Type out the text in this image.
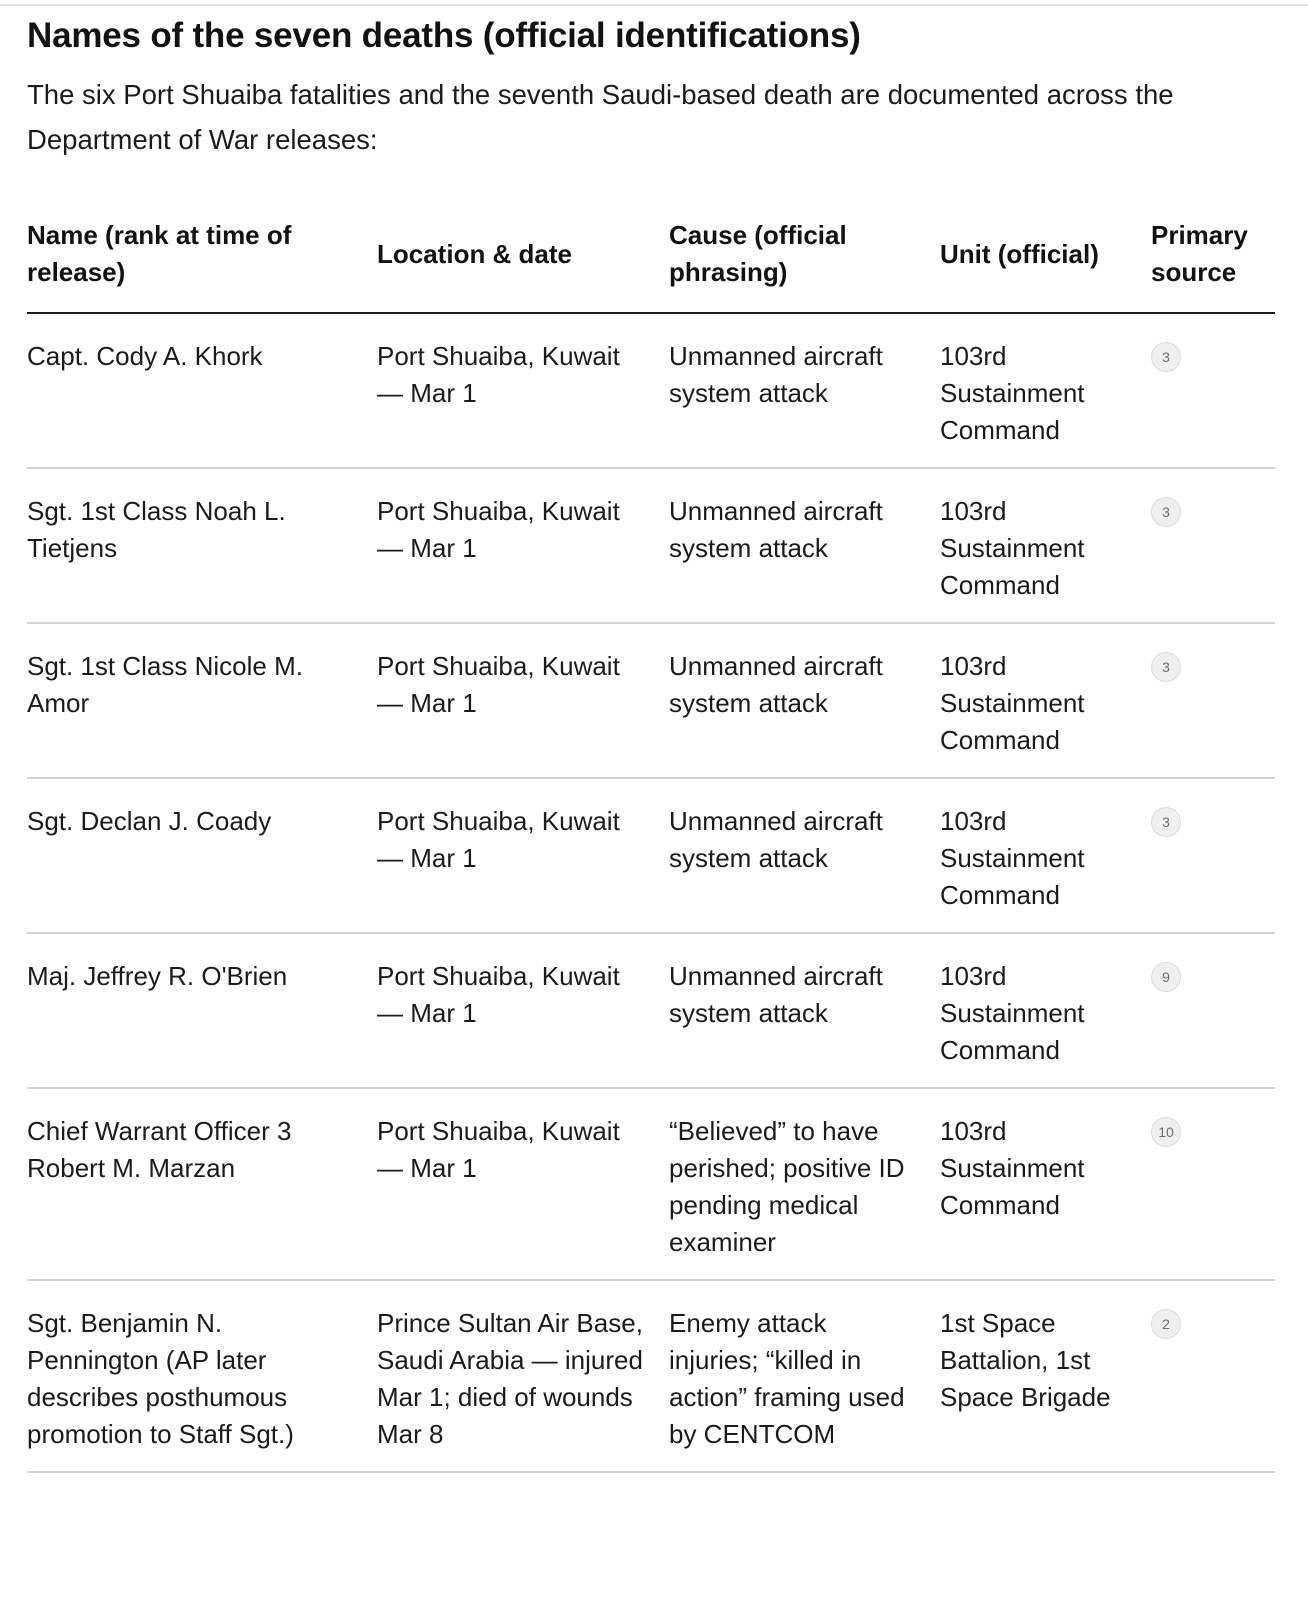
Names of the seven deaths (official identifications)

The six Port Shuaiba fatalities and the seventh Saudi-based death are documented across the Department of War releases:

Name (rank at time of release)	Location & date	Cause (official phrasing)	Unit (official)	Primary source

Capt. Cody A. Khork	Port Shuaiba, Kuwait — Mar 1	Unmanned aircraft system attack	103rd Sustainment Command	3

Sgt. 1st Class Noah L. Tietjens	Port Shuaiba, Kuwait — Mar 1	Unmanned aircraft system attack	103rd Sustainment Command	3

Sgt. 1st Class Nicole M. Amor	Port Shuaiba, Kuwait — Mar 1	Unmanned aircraft system attack	103rd Sustainment Command	3

Sgt. Declan J. Coady	Port Shuaiba, Kuwait — Mar 1	Unmanned aircraft system attack	103rd Sustainment Command	3

Maj. Jeffrey R. O'Brien	Port Shuaiba, Kuwait — Mar 1	Unmanned aircraft system attack	103rd Sustainment Command	9

Chief Warrant Officer 3 Robert M. Marzan	Port Shuaiba, Kuwait — Mar 1	“Believed” to have perished; positive ID pending medical examiner	103rd Sustainment Command	10

Sgt. Benjamin N. Pennington (AP later describes posthumous promotion to Staff Sgt.)	Prince Sultan Air Base, Saudi Arabia — injured Mar 1; died of wounds Mar 8	Enemy attack injuries; “killed in action” framing used by CENTCOM	1st Space Battalion, 1st Space Brigade	2
